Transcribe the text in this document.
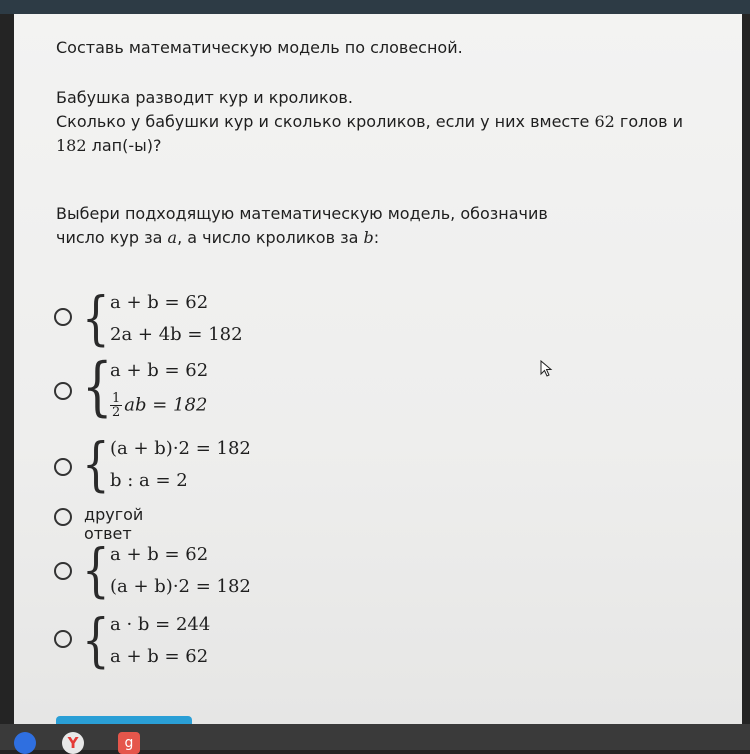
Составь математическую модель по словесной.
Бабушка разводит кур и кроликов.
Сколько у бабушки кур и сколько кроликов, если у них вместе 62 голов и
182 лап(-ы)?
Выбери подходящую математическую модель, обозначив
число кур за a, а число кроликов за b:
{ a + b = 62
2a + 4b = 182
{
a + b = 62
$\frac{1}{2}$ ab = 182
{ (a + b)·2 = 182
b : a = 2
другой ответ
{ a + b = 62
(a + b)·2 = 182
{ a · b = 244
a + b = 62
Y	g
